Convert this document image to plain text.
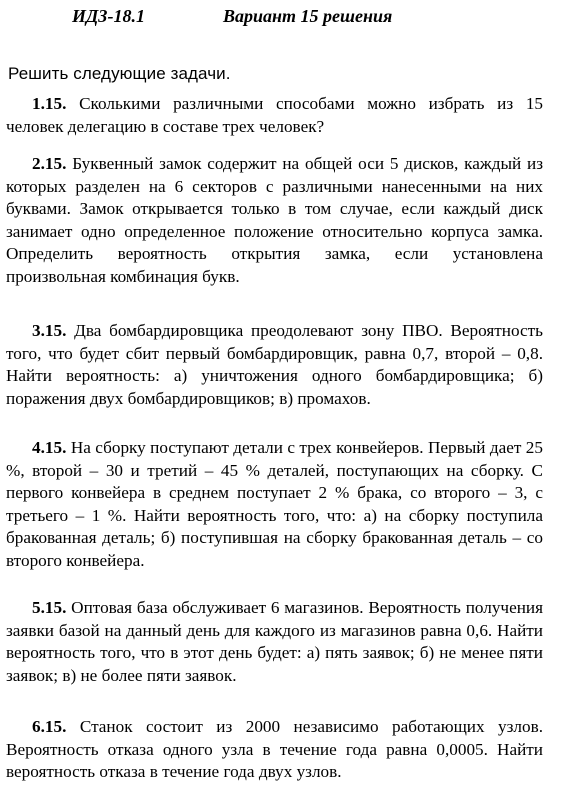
ИДЗ-18.1	Вариант 15 решения
Решить следующие задачи.
1.15. Сколькими различными способами можно избрать из 15 человек делегацию в составе трех человек?
2.15. Буквенный замок содержит на общей оси 5 дисков, каждый из которых разделен на 6 секторов с различными нанесенными на них буквами. Замок открывается только в том случае, если каждый диск занимает одно определенное положение относительно корпуса замка. Определить вероятность открытия замка, если установлена произвольная комбинация букв.
3.15. Два бомбардировщика преодолевают зону ПВО. Вероятность того, что будет сбит первый бомбардировщик, равна 0,7, второй – 0,8. Найти вероятность: а) уничтожения одного бомбардировщика; б) поражения двух бомбардировщиков; в) промахов.
4.15. На сборку поступают детали с трех конвейеров. Первый дает 25 %, второй – 30 и третий – 45 % деталей, поступающих на сборку. С первого конвейера в среднем поступает 2 % брака, со второго – 3, с третьего – 1 %. Найти вероятность того, что: а) на сборку поступила бракованная деталь; б) поступившая на сборку бракованная деталь – со второго конвейера.
5.15. Оптовая база обслуживает 6 магазинов. Вероятность получения заявки базой на данный день для каждого из магазинов равна 0,6. Найти вероятность того, что в этот день будет: а) пять заявок; б) не менее пяти заявок; в) не более пяти заявок.
6.15. Станок состоит из 2000 независимо работающих узлов. Вероятность отказа одного узла в течение года равна 0,0005. Найти вероятность отказа в течение года двух узлов.
